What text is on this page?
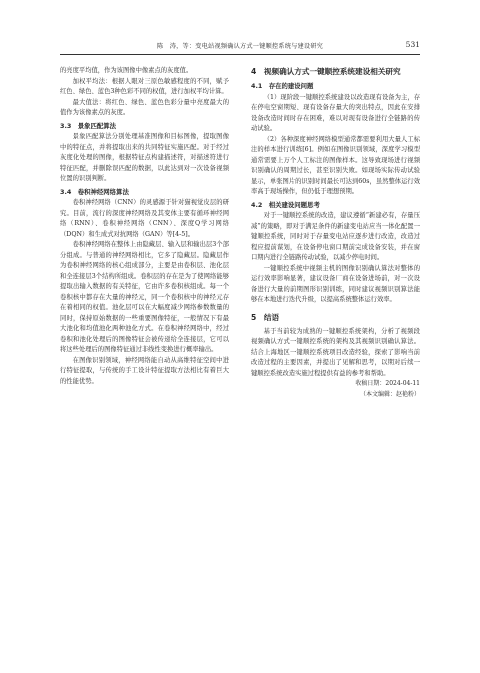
陈　涛，等：变电站视频确认方式一键顺控系统与建设研究	531

的亮度平均值，作为该图像中像素点的灰度值。

加权平均法：根据人眼对三原色敏感程度的不同，赋予红色、绿色、蓝色3种色彩不同的权值，进行加权平均计算。

最大值法：将红色、绿色、蓝色色彩分量中亮度最大的值作为该像素点的灰度。

3.3　景象匹配算法

景象匹配算法分别处理基准图像和目标图像，提取图像中的特征点，并将提取出来的共同特征实施匹配。对于经过灰度化处理的图像，根据特征点构建描述符，对描述符进行特征匹配，并删除误匹配的数据，以此达到对一次设备视频位置的识别判断。

3.4　卷积神经网络算法

卷积神经网络（CNN）的灵感源于针对猫视觉皮层的研究。目前，流行的深度神经网络及其变体主要有循环神经网络（RNN）、卷积神经网络（CNN）、深度Q学习网络（DQN）和生成式对抗网络（GAN）等[4-5]。

卷积神经网络在整体上由隐藏层、输入层和输出层3个部分组成。与普通的神经网络相比，它多了隐藏层。隐藏层作为卷积神经网络的核心组成部分，主要是由卷积层、池化层和全连接层3个结构所组成。卷积层的存在是为了使网络能够提取出输入数据的有关特征，它由许多卷积核组成。每一个卷积核中都存在大量的神经元，同一个卷积核中的神经元存在着相同的权值。池化层可以在大幅度减少网络参数数量的同时，保持原始数据的一些重要图像特征，一般情况下有最大池化和均值池化两种池化方式。在卷积神经网络中，经过卷积和池化处理后的图像特征会被传递给全连接层，它可以将这些处理后的图像特征通过非线性变换进行概率输出。

在图像识别领域，神经网络能自动从高维特征空间中进行特征提取，与传统的手工设计特征提取方法相比有着巨大的性能优势。

4　视频确认方式一键顺控系统建设相关研究
4.1　存在的建设问题

（1）现阶段一键顺控系统建设以改造现有设备为主，存在停电空窗期短、现有设备存量大的突出特点，因此在安排设备改造时间时存在困难，难以对现有设备进行全链路的传动试验。

（2）各种深度神经网络模型通常都需要利用大量人工标注的样本进行训练[6]。例如在图像识别领域，深度学习模型通常需要上万个人工标注的图像样本。这导致现场进行视频识别确认的周期过长，甚至识别失败。如现场实际传动试验显示，单张图片的识别时间最长可达到60s，虽然整体运行效率高于现场操作，但仍低于理想预期。

4.2　相关建设问题思考

对于一键顺控系统的改造，建议遵循“新建必有，存量压减”的策略，即对于满足条件的新建变电站应当一体化配置一键顺控系统，同时对于存量变电站应逐步进行改造，改造过程应提前谋划，在设备停电窗口期前完成设备安装，并在窗口期内进行全链路传动试验，以减少停电时间。

一键顺控系统中视频主机的图像识别确认算法对整体的运行效率影响显著，建议设备厂商在设备进场前，对一次设备进行大量的前期图形识别训练，同时建议视频识别算法能够在本地进行迭代升级，以提高系统整体运行效率。

5　结语

基于当前较为成熟的一键顺控系统架构，分析了视频段视频确认方式一键顺控系统的架构及其视频识别确认算法。结合上海地区一键顺控系统项目改造经验，探索了影响当前改造过程的主要因素，并提出了见解和思考，以期对后续一键顺控系统改造实施过程提供有益的参考和帮助。

收稿日期：2024-04-11

（本文编辑：赵艳粉）
